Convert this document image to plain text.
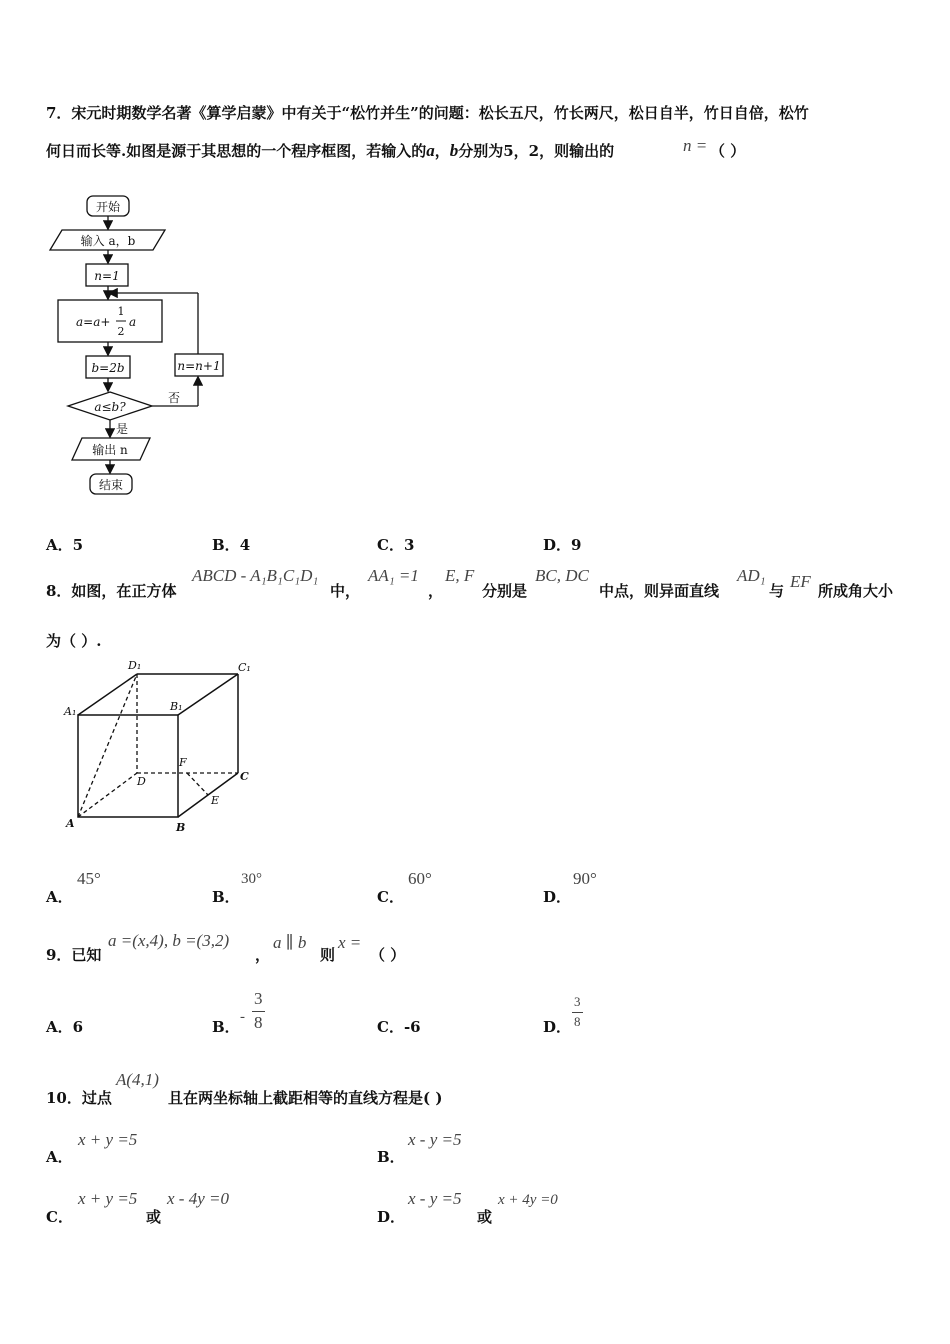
7．宋元时期数学名著《算学启蒙》中有关于“松竹并生”的问题：松长五尺，竹长两尺，松日自半，竹日自倍，松竹
何日而长等.如图是源于其思想的一个程序框图，若输入的a，b分别为5，2，则输出的	n = （ ）
开始
输入 a，b
n=1
a=a+
1
2
a
b=2b
a≤b?
否
是
n=n+1
输出 n
结束
A．5	B．4	C．3	D．9
8．如图，在正方体
ABCD - A₁B₁C₁D₁
中，
AA₁ =1
，
E, F
分别是
BC, DC
中点，则异面直线
AD₁
与 EF 所成角大小
为（ ）.
D₁	C₁
A₁	B₁
D	C
A	B
F
E
A．
45°
B．
30°
C．
60°
D．
90°
9．已知
a =(x,4), b =(3,2)
，
a ∥ b
则
x =
（ ）
A．6	B．
-
3
8	C．-6	D．
3
8
10．过点
A(4,1)
且在两坐标轴上截距相等的直线方程是( )
A．
x + y =5
B．
x - y =5
C．
x + y =5
或
x - 4y =0
D．
x - y =5
或
x + 4y =0
